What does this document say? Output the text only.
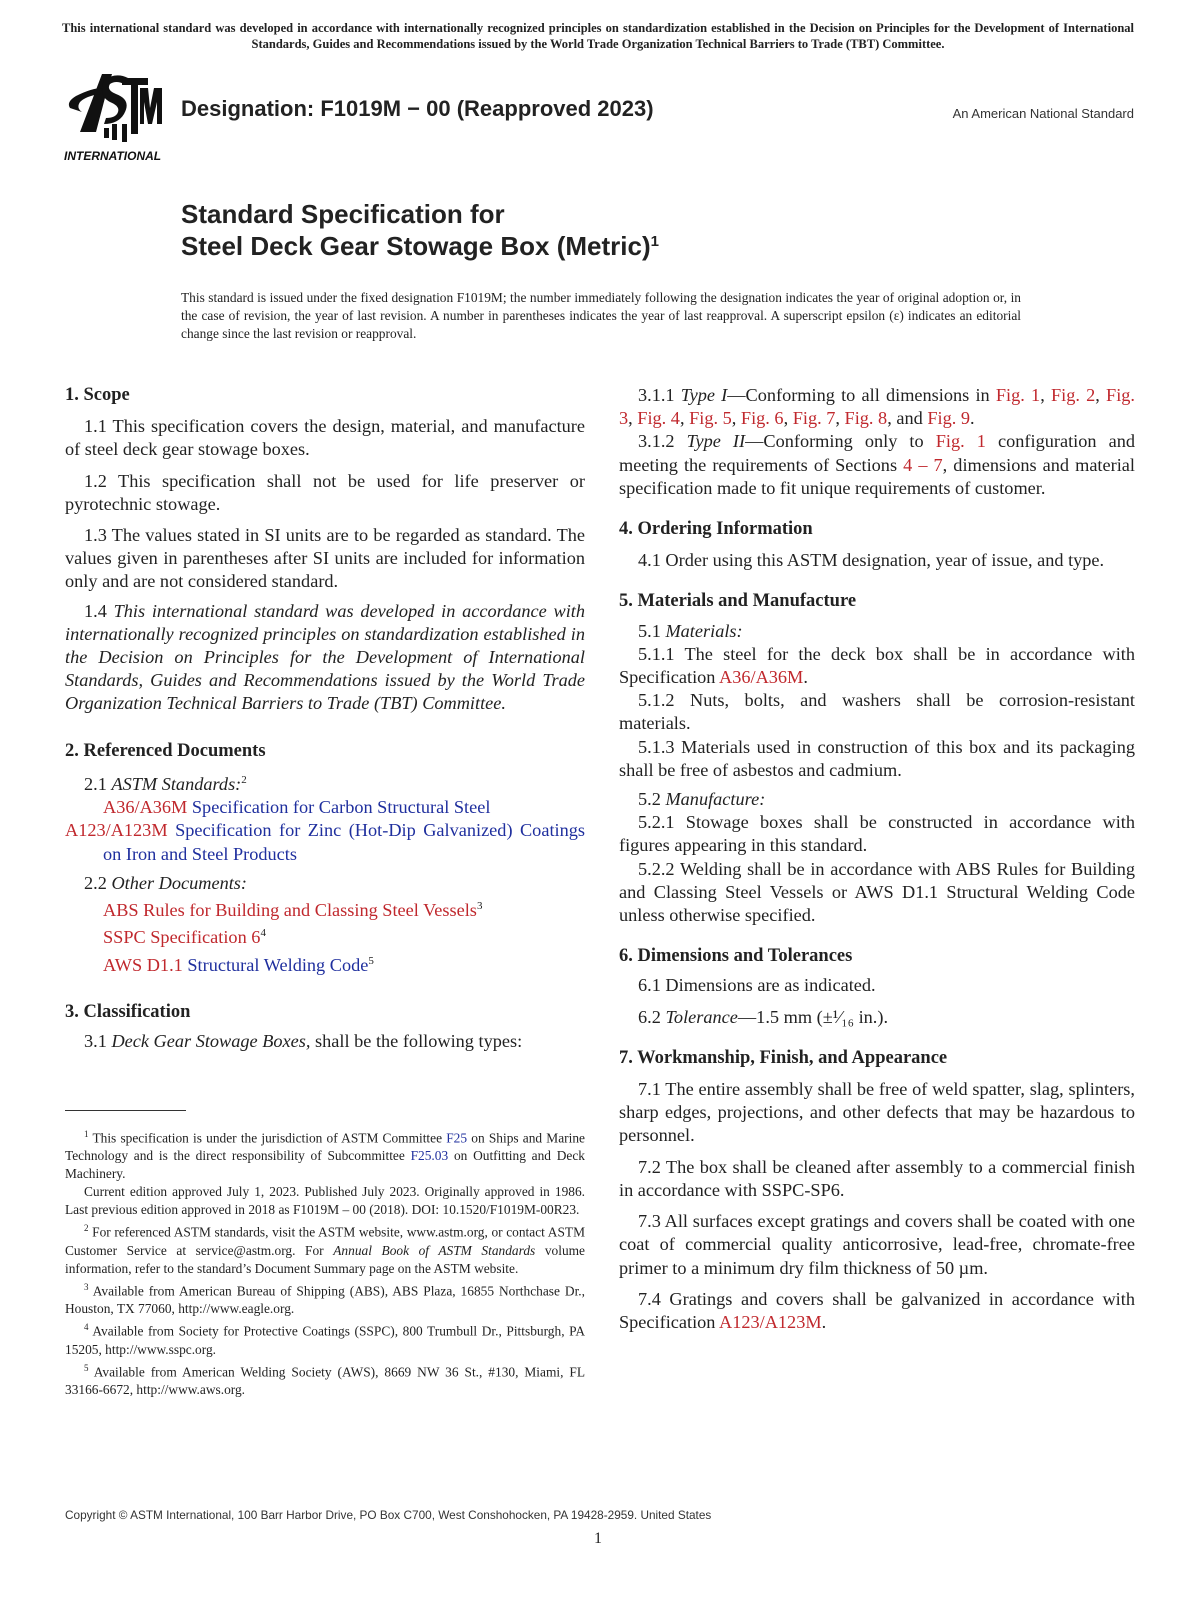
This international standard was developed in accordance with internationally recognized principles on standardization established in the Decision on Principles for the Development of International Standards, Guides and Recommendations issued by the World Trade Organization Technical Barriers to Trade (TBT) Committee.
INTERNATIONAL
Designation: F1019M − 00 (Reapproved 2023)	An American National Standard
Standard Specification for
Steel Deck Gear Stowage Box (Metric)$^1$
This standard is issued under the fixed designation F1019M; the number immediately following the designation indicates the year of original adoption or, in the case of revision, the year of last revision. A number in parentheses indicates the year of last reapproval. A superscript epsilon (ε) indicates an editorial change since the last revision or reapproval.

1. Scope

1.1 This specification covers the design, material, and manufacture of steel deck gear stowage boxes.

1.2 This specification shall not be used for life preserver or pyrotechnic stowage.

1.3 The values stated in SI units are to be regarded as standard. The values given in parentheses after SI units are included for information only and are not considered standard.

1.4 This international standard was developed in accordance with internationally recognized principles on standardization established in the Decision on Principles for the Development of International Standards, Guides and Recommendations issued by the World Trade Organization Technical Barriers to Trade (TBT) Committee.

2. Referenced Documents

2.1 ASTM Standards:$^2$

A36/A36M Specification for Carbon Structural Steel

A123/A123M Specification for Zinc (Hot-Dip Galvanized) Coatings on Iron and Steel Products

2.2 Other Documents:

ABS Rules for Building and Classing Steel Vessels$^3$

SSPC Specification $6^4$

AWS D1.1 Structural Welding Code$^5$

3. Classification

3.1 Deck Gear Stowage Boxes, shall be the following types:

$^1$ This specification is under the jurisdiction of ASTM Committee F25 on Ships and Marine Technology and is the direct responsibility of Subcommittee F25.03 on Outfitting and Deck Machinery.

Current edition approved July 1, 2023. Published July 2023. Originally approved in 1986. Last previous edition approved in 2018 as F1019M – 00 (2018). DOI: 10.1520/F1019M-00R23.

$^2$ For referenced ASTM standards, visit the ASTM website, www.astm.org, or contact ASTM Customer Service at service@astm.org. For Annual Book of ASTM Standards volume information, refer to the standard’s Document Summary page on the ASTM website.

$^3$ Available from American Bureau of Shipping (ABS), ABS Plaza, 16855 Northchase Dr., Houston, TX 77060, http://www.eagle.org.

$^4$ Available from Society for Protective Coatings (SSPC), 800 Trumbull Dr., Pittsburgh, PA 15205, http://www.sspc.org.

$^5$ Available from American Welding Society (AWS), 8669 NW 36 St., #130, Miami, FL 33166-6672, http://www.aws.org.

3.1.1 Type I—Conforming to all dimensions in Fig. 1, Fig. 2, Fig. 3, Fig. 4, Fig. 5, Fig. 6, Fig. 7, Fig. 8, and Fig. 9.

3.1.2 Type II—Conforming only to Fig. 1 configuration and meeting the requirements of Sections 4 – 7, dimensions and material specification made to fit unique requirements of customer.

4. Ordering Information

4.1 Order using this ASTM designation, year of issue, and type.

5. Materials and Manufacture

5.1 Materials:

5.1.1 The steel for the deck box shall be in accordance with Specification A36/A36M.

5.1.2 Nuts, bolts, and washers shall be corrosion-resistant materials.

5.1.3 Materials used in construction of this box and its packaging shall be free of asbestos and cadmium.

5.2 Manufacture:

5.2.1 Stowage boxes shall be constructed in accordance with figures appearing in this standard.

5.2.2 Welding shall be in accordance with ABS Rules for Building and Classing Steel Vessels or AWS D1.1 Structural Welding Code unless otherwise specified.

6. Dimensions and Tolerances

6.1 Dimensions are as indicated.

6.2 Tolerance—1.5 mm (±¹⁄₁₆ in.).

7. Workmanship, Finish, and Appearance

7.1 The entire assembly shall be free of weld spatter, slag, splinters, sharp edges, projections, and other defects that may be hazardous to personnel.

7.2 The box shall be cleaned after assembly to a commercial finish in accordance with SSPC-SP6.

7.3 All surfaces except gratings and covers shall be coated with one coat of commercial quality anticorrosive, lead-free, chromate-free primer to a minimum dry film thickness of 50 µm.

7.4 Gratings and covers shall be galvanized in accordance with Specification A123/A123M.

Copyright © ASTM International, 100 Barr Harbor Drive, PO Box C700, West Conshohocken, PA 19428-2959. United States
1
